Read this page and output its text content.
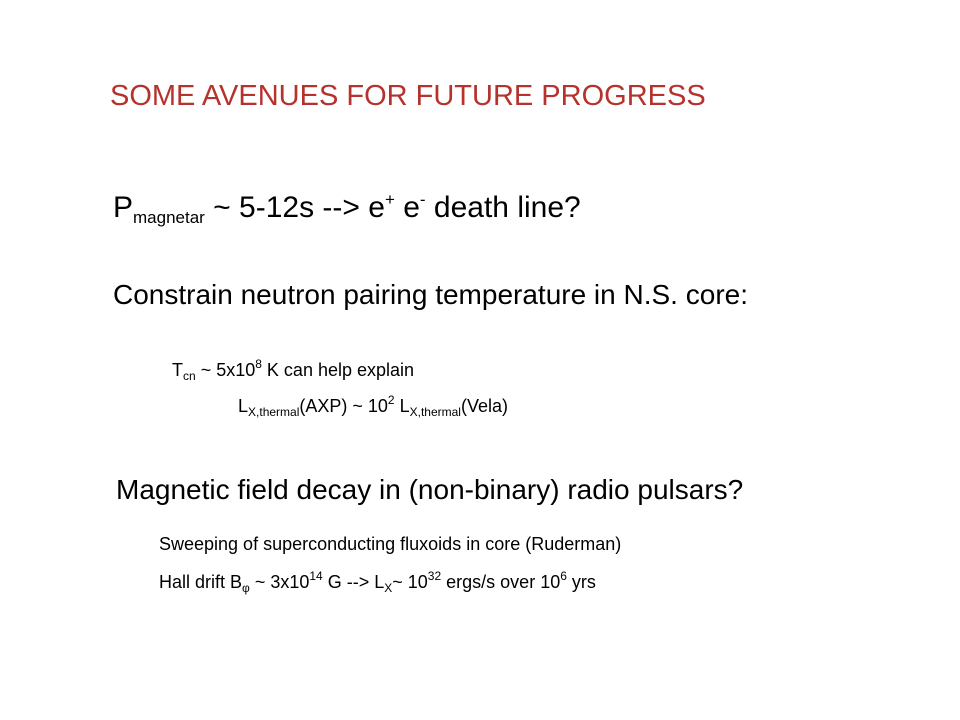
SOME AVENUES FOR FUTURE PROGRESS
$P_{magnetar}$ ~ 5-12s --> e+ e- death line?
Constrain neutron pairing temperature in N.S. core:
$T_{cn}$ ~ $5x10^8$ K can help explain
$L_{X,thermal}(AXP)$ ~ $10^2$ $L_{X,thermal}(Vela)$
Magnetic field decay in (non-binary) radio pulsars?
Sweeping of superconducting fluxoids in core (Ruderman)
Hall drift $B_\varphi$ ~ $3x10^{14}$ G --> $L_X\sim$ $10^{32}$ ergs/s over $10^6$ yrs
